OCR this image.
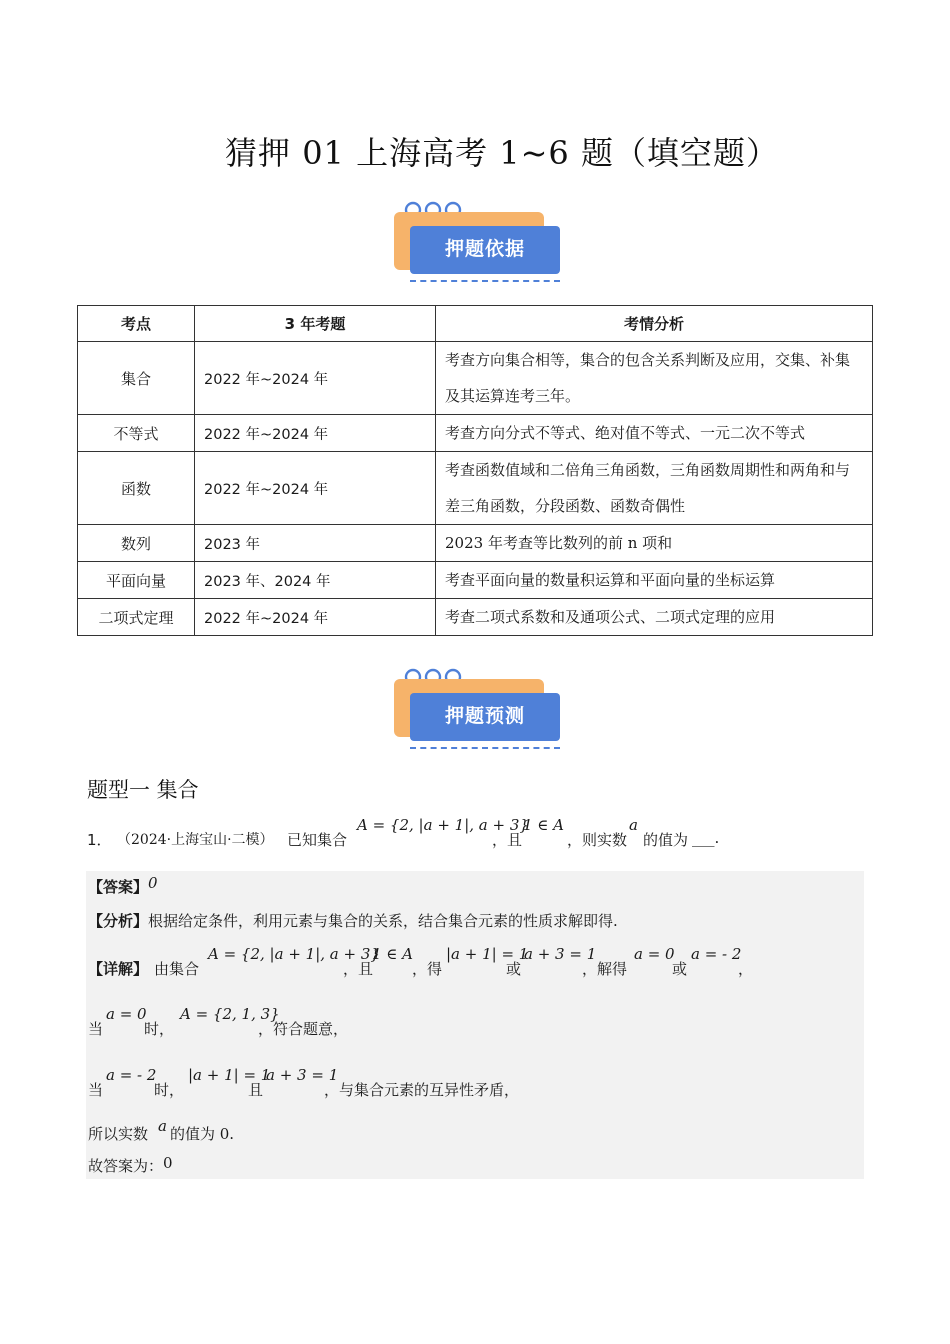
猜押 01 上海高考 1~6 题（填空题）
押题依据
考点	3 年考题	考情分析
集合	2022 年~2024 年	考查方向集合相等，集合的包含关系判断及应用，交集、补集及其运算连考三年。
不等式	2022 年~2024 年	考查方向分式不等式、绝对值不等式、一元二次不等式
函数	2022 年~2024 年	考查函数值域和二倍角三角函数，三角函数周期性和两角和与差三角函数，分段函数、函数奇偶性
数列	2023 年	2023 年考查等比数列的前 n 项和
平面向量	2023 年、2024 年	考查平面向量的数量积运算和平面向量的坐标运算
二项式定理	2022 年~2024 年	考查二项式系数和及通项公式、二项式定理的应用
押题预测
题型一 集合
1． （2024·上海宝山·二模） 已知集合
A = {2, |a + 1|, a + 3}
，且
1 ∈ A
，则实数
a
的值为 ___.
【答案】0
【分析】根据给定条件，利用元素与集合的关系，结合集合元素的性质求解即得.
【详解】 由集合
A = {2, |a + 1|, a + 3}
，且
1 ∈ A
，得
|a + 1| = 1
或
a + 3 = 1
，解得
a = 0
或
a = - 2
，
当
a = 0
时，
A = {2, 1, 3}
，符合题意，
当
a = - 2
时，
|a + 1| = 1
且
a + 3 = 1
，与集合元素的互异性矛盾，
所以实数 a 的值为 0.
故答案为：0
